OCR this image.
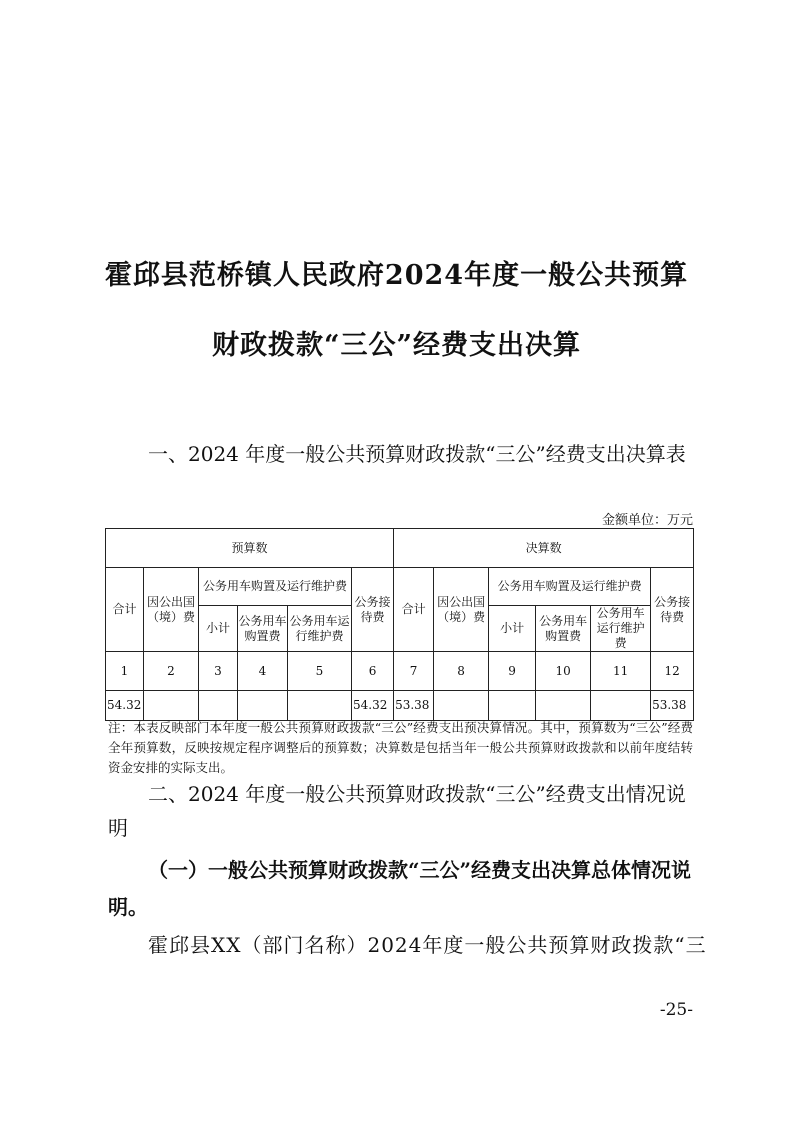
霍邱县范桥镇人民政府2024年度一般公共预算
财政拨款“三公”经费支出决算
一、2024 年度一般公共预算财政拨款“三公”经费支出决算表
金额单位：万元
预算数						决算数					
合计	因公出国（境）费	公务用车购置及运行维护费			公务接待费	合计	因公出国（境）费	公务用车购置及运行维护费			公务接待费
		小计	公务用车购置费	公务用车运行维护费				小计	公务用车购置费	公务用车运行维护费	
1	2	3	4	5	6	7	8	9	10	11	12
54.32					54.32	53.38					53.38
注：本表反映部门本年度一般公共预算财政拨款“三公”经费支出预决算情况。其中，预算数为“三公”经费全年预算数，反映按规定程序调整后的预算数；决算数是包括当年一般公共预算财政拨款和以前年度结转资金安排的实际支出。
二、2024 年度一般公共预算财政拨款“三公”经费支出情况说明
（一）一般公共预算财政拨款“三公”经费支出决算总体情况说明。
霍邱县XX（部门名称）2024年度一般公共预算财政拨款“三
-25-
